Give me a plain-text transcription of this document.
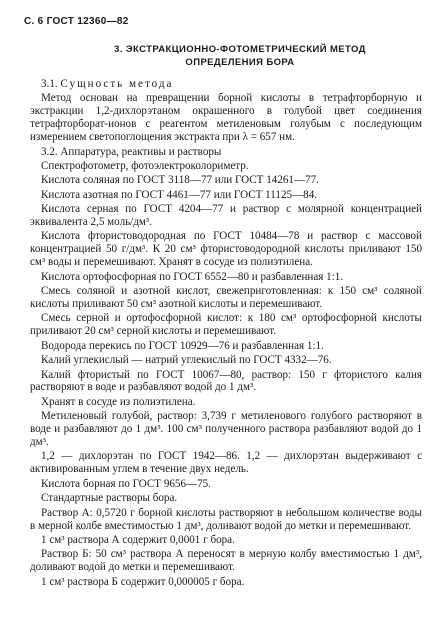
С. 6 ГОСТ 12360—82
3. ЭКСТРАКЦИОННО-ФОТОМЕТРИЧЕСКИЙ МЕТОД
ОПРЕДЕЛЕНИЯ БОРА

3.1. Сущность метода

Метод основан на превращении борной кислоты в тетрафторборную и экстракции 1,2-дихлорэтаном окрашенного в голубой цвет соединения тетрафторборат-ионов с реагентом метиленовым голубым с последующим измерением светопоглощения экстракта при λ = 657 нм.

3.2. Аппаратура, реактивы и растворы

Спектрофотометр, фотоэлектроколориметр.

Кислота соляная по ГОСТ 3118—77 или ГОСТ 14261—77.

Кислота азотная по ГОСТ 4461—77 или ГОСТ 11125—84.

Кислота серная по ГОСТ 4204—77 и раствор с молярной концентрацией эквивалента 2,5 моль/дм³.

Кислота фтористоводородная по ГОСТ 10484—78 и раствор с массовой концентрацией 50 г/дм³. К 20 см³ фтористоводородной кислоты приливают 150 см³ воды и перемешивают. Хранят в сосуде из полиэтилена.

Кислота ортофосфорная по ГОСТ 6552—80 и разбавленная 1:1.

Смесь соляной и азотной кислот, свежеприготовленная: к 150 см³ соляной кислоты приливают 50 см³ азотной кислоты и перемешивают.

Смесь серной и ортофосфорной кислот: к 180 см³ ортофосфорной кислоты приливают 20 см³ серной кислоты и перемешивают.

Водорода перекись по ГОСТ 10929—76 и разбавленная 1:1.

Калий углекислый — натрий углекислый по ГОСТ 4332—76.

Калий фтористый по ГОСТ 10067—80, раствор: 150 г фтористого калия растворяют в воде и разбавляют водой до 1 дм³.

Хранят в сосуде из полиэтилена.

Метиленовый голубой, раствор: 3,739 г метиленового голубого растворяют в воде и разбавляют до 1 дм³. 100 см³ полученного раствора разбавляют водой до 1 дм³.

1,2 — дихлорэтан по ГОСТ 1942—86. 1,2 — дихлорэтан выдерживают с активированным углем в течение двух недель.

Кислота борная по ГОСТ 9656—75.

Стандартные растворы бора.

Раствор А: 0,5720 г борной кислоты растворяют в небольшом количестве воды в мерной колбе вместимостью 1 дм³, доливают водой до метки и перемешивают.

1 см³ раствора А содержит 0,0001 г бора.

Раствор Б: 50 см³ раствора А переносят в мерную колбу вместимостью 1 дм³, доливают водой до метки и перемешивают.

1 см³ раствора Б содержит 0,000005 г бора.
